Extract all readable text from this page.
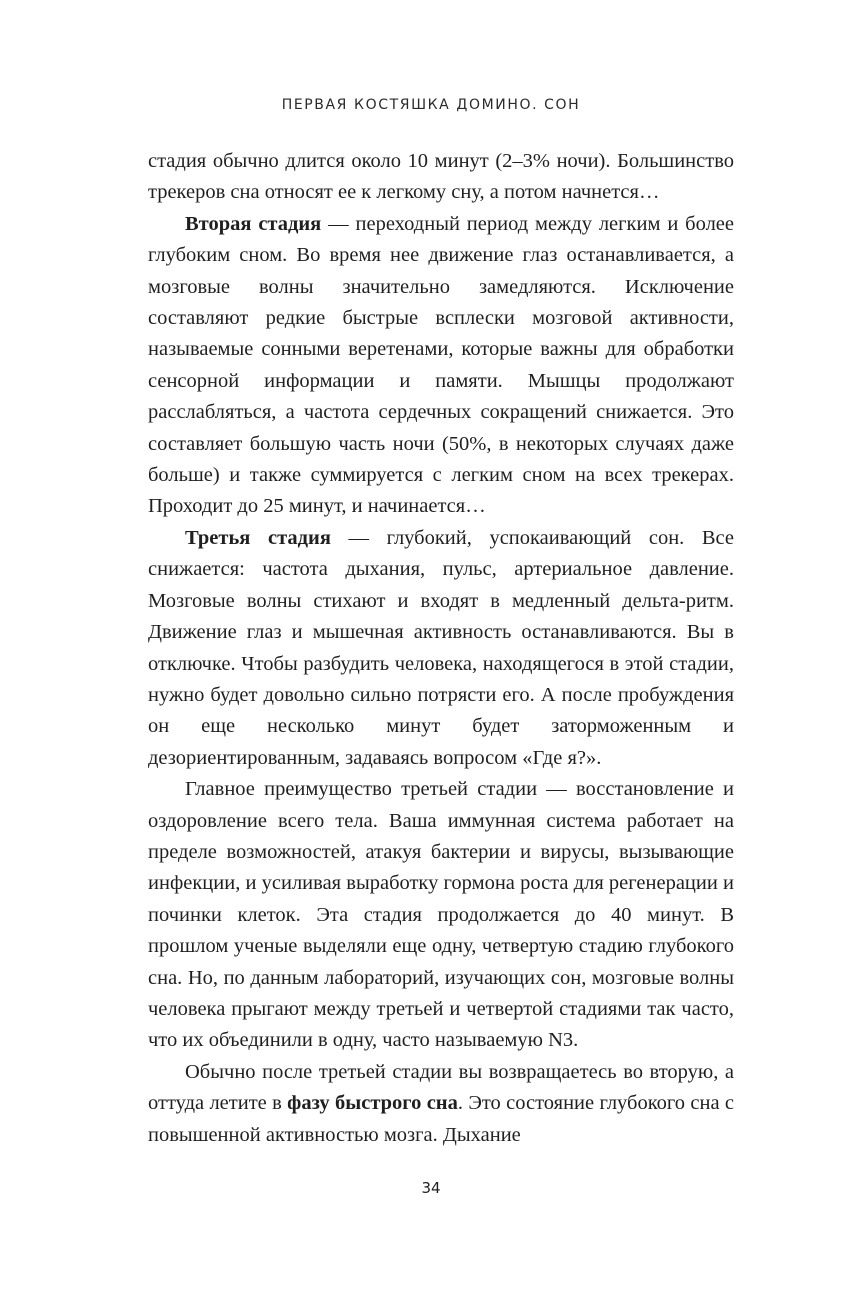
ПЕРВАЯ КОСТЯШКА ДОМИНО. СОН

стадия обычно длится около 10 минут (2–3% ночи). Большинство трекеров сна относят ее к легкому сну, а потом начнется…

Вторая стадия — переходный период между легким и более глубоким сном. Во время нее движение глаз останавливается, а мозговые волны значительно замедляются. Исключение составляют редкие быстрые всплески мозговой активности, называемые сонными веретенами, которые важны для обработки сенсорной информации и памяти. Мышцы продолжают расслабляться, а частота сердечных сокращений снижается. Это составляет большую часть ночи (50%, в некоторых случаях даже больше) и также суммируется с легким сном на всех трекерах. Проходит до 25 минут, и начинается…

Третья стадия — глубокий, успокаивающий сон. Все снижается: частота дыхания, пульс, артериальное давление. Мозговые волны стихают и входят в медленный дельта-ритм. Движение глаз и мышечная активность останавливаются. Вы в отключке. Чтобы разбудить человека, находящегося в этой стадии, нужно будет довольно сильно потрясти его. А после пробуждения он еще несколько минут будет заторможенным и дезориентированным, задаваясь вопросом «Где я?».

Главное преимущество третьей стадии — восстановление и оздоровление всего тела. Ваша иммунная система работает на пределе возможностей, атакуя бактерии и вирусы, вызывающие инфекции, и усиливая выработку гормона роста для регенерации и починки клеток. Эта стадия продолжается до 40 минут. В прошлом ученые выделяли еще одну, четвертую стадию глубокого сна. Но, по данным лабораторий, изучающих сон, мозговые волны человека прыгают между третьей и четвертой стадиями так часто, что их объединили в одну, часто называемую N3.

Обычно после третьей стадии вы возвращаетесь во вторую, а оттуда летите в фазу быстрого сна. Это состояние глубокого сна с повышенной активностью мозга. Дыхание

34
